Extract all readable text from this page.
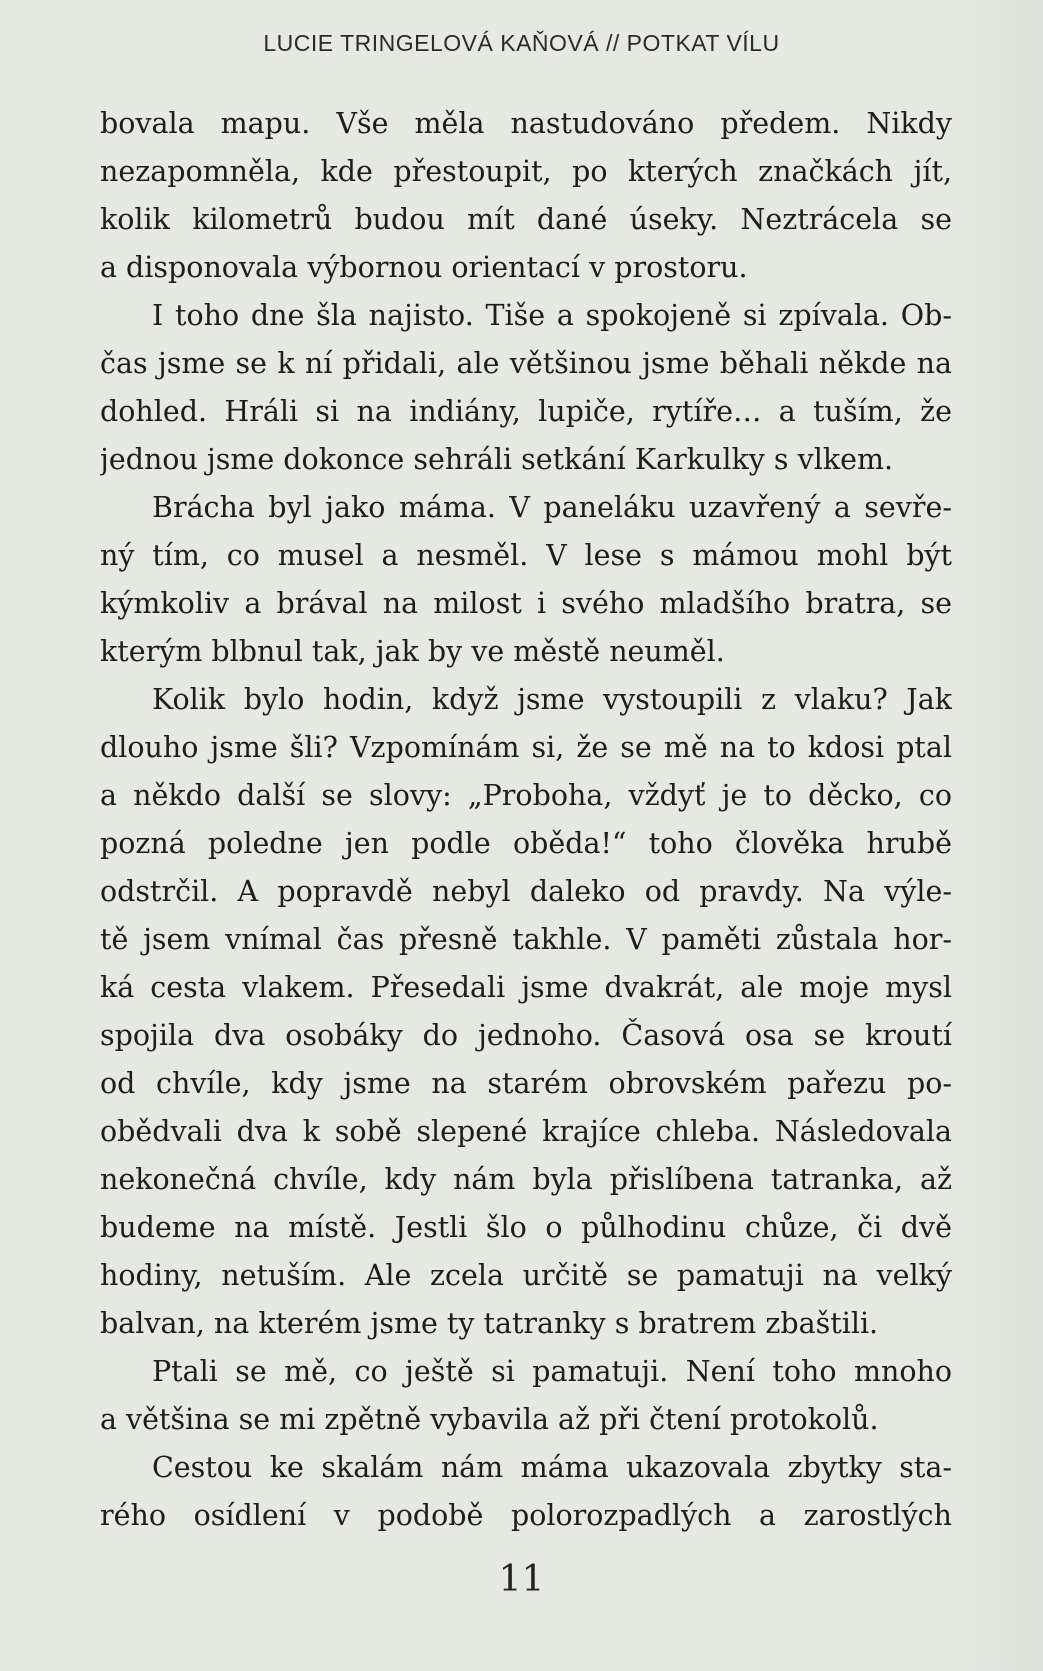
LUCIE TRINGELOVÁ KAŇOVÁ // POTKAT VÍLU
bovala mapu. Vše měla nastudováno předem. Nikdy
nezapomněla, kde přestoupit, po kterých značkách jít,
kolik kilometrů budou mít dané úseky. Neztrácela se
a disponovala výbornou orientací v prostoru.
I toho dne šla najisto. Tiše a spokojeně si zpívala. Ob-
čas jsme se k ní přidali, ale většinou jsme běhali někde na
dohled. Hráli si na indiány, lupiče, rytíře… a tuším, že
jednou jsme dokonce sehráli setkání Karkulky s vlkem.
Brácha byl jako máma. V paneláku uzavřený a sevře-
ný tím, co musel a nesměl. V lese s mámou mohl být
kýmkoliv a brával na milost i svého mladšího bratra, se
kterým blbnul tak, jak by ve městě neuměl.
Kolik bylo hodin, když jsme vystoupili z vlaku? Jak
dlouho jsme šli? Vzpomínám si, že se mě na to kdosi ptal
a někdo další se slovy: „Proboha, vždyť je to děcko, co
pozná poledne jen podle oběda!“ toho člověka hrubě
odstrčil. A popravdě nebyl daleko od pravdy. Na výle-
tě jsem vnímal čas přesně takhle. V paměti zůstala hor-
ká cesta vlakem. Přesedali jsme dvakrát, ale moje mysl
spojila dva osobáky do jednoho. Časová osa se kroutí
od chvíle, kdy jsme na starém obrovském pařezu po-
obědvali dva k sobě slepené krajíce chleba. Následovala
nekonečná chvíle, kdy nám byla přislíbena tatranka, až
budeme na místě. Jestli šlo o půlhodinu chůze, či dvě
hodiny, netuším. Ale zcela určitě se pamatuji na velký
balvan, na kterém jsme ty tatranky s bratrem zbaštili.
Ptali se mě, co ještě si pamatuji. Není toho mnoho
a většina se mi zpětně vybavila až při čtení protokolů.
Cestou ke skalám nám máma ukazovala zbytky sta-
rého osídlení v podobě polorozpadlých a zarostlých
11
